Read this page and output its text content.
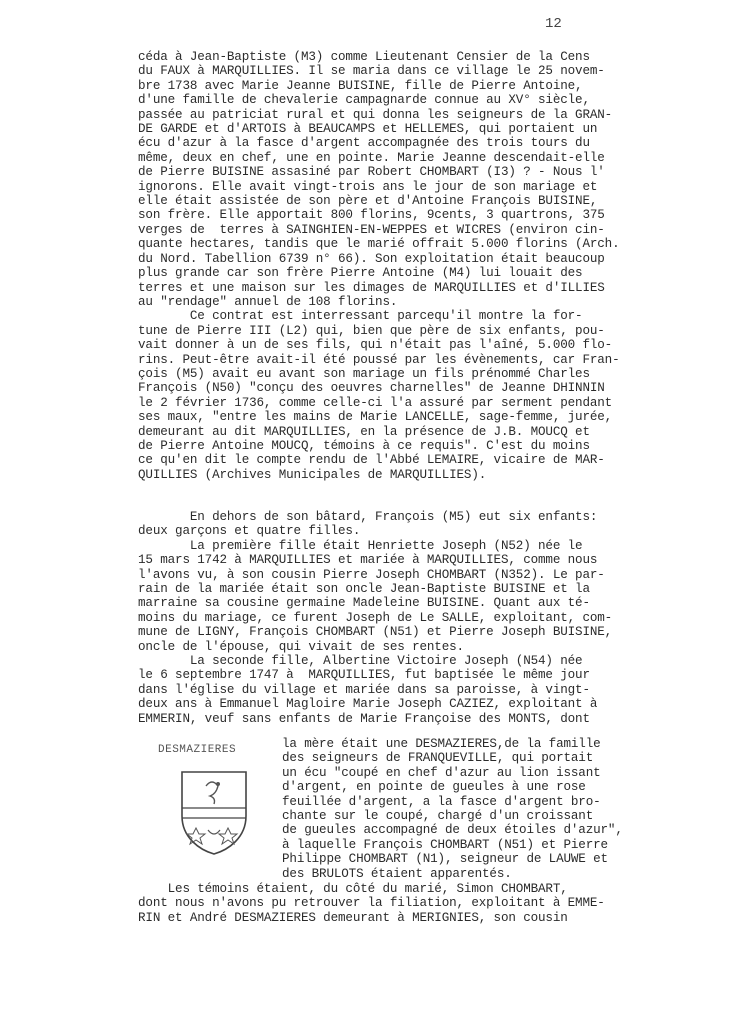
12
céda à Jean-Baptiste (M3) comme Lieutenant Censier de la Cens
du FAUX à MARQUILLIES. Il se maria dans ce village le 25 novem-
bre 1738 avec Marie Jeanne BUISINE, fille de Pierre Antoine,
d'une famille de chevalerie campagnarde connue au XV° siècle,
passée au patriciat rural et qui donna les seigneurs de la GRAN-
DE GARDE et d'ARTOIS à BEAUCAMPS et HELLEMES, qui portaient un
écu d'azur à la fasce d'argent accompagnée des trois tours du
même, deux en chef, une en pointe. Marie Jeanne descendait-elle
de Pierre BUISINE assasiné par Robert CHOMBART (I3) ? - Nous l'
ignorons. Elle avait vingt-trois ans le jour de son mariage et
elle était assistée de son père et d'Antoine François BUISINE,
son frère. Elle apportait 800 florins, 9cents, 3 quartrons, 375
verges de  terres à SAINGHIEN-EN-WEPPES et WICRES (environ cin-
quante hectares, tandis que le marié offrait 5.000 florins (Arch.
du Nord. Tabellion 6739 n° 66). Son exploitation était beaucoup
plus grande car son frère Pierre Antoine (M4) lui louait des
terres et une maison sur les dimages de MARQUILLIES et d'ILLIES
au "rendage" annuel de 108 florins.
Ce contrat est interressant parcequ'il montre la for-
tune de Pierre III (L2) qui, bien que père de six enfants, pou-
vait donner à un de ses fils, qui n'était pas l'aîné, 5.000 flo-
rins. Peut-être avait-il été poussé par les évènements, car Fran-
çois (M5) avait eu avant son mariage un fils prénommé Charles
François (N50) "conçu des oeuvres charnelles" de Jeanne DHINNIN
le 2 février 1736, comme celle-ci l'a assuré par serment pendant
ses maux, "entre les mains de Marie LANCELLE, sage-femme, jurée,
demeurant au dit MARQUILLIES, en la présence de J.B. MOUCQ et
de Pierre Antoine MOUCQ, témoins à ce requis". C'est du moins
ce qu'en dit le compte rendu de l'Abbé LEMAIRE, vicaire de MAR-
QUILLIES (Archives Municipales de MARQUILLIES).
En dehors de son bâtard, François (M5) eut six enfants:
deux garçons et quatre filles.
La première fille était Henriette Joseph (N52) née le
15 mars 1742 à MARQUILLIES et mariée à MARQUILLIES, comme nous
l'avons vu, à son cousin Pierre Joseph CHOMBART (N352). Le par-
rain de la mariée était son oncle Jean-Baptiste BUISINE et la
marraine sa cousine germaine Madeleine BUISINE. Quant aux té-
moins du mariage, ce furent Joseph de Le SALLE, exploitant, com-
mune de LIGNY, François CHOMBART (N51) et Pierre Joseph BUISINE,
oncle de l'épouse, qui vivait de ses rentes.
La seconde fille, Albertine Victoire Joseph (N54) née
le 6 septembre 1747 à  MARQUILLIES, fut baptisée le même jour
dans l'église du village et mariée dans sa paroisse, à vingt-
deux ans à Emmanuel Magloire Marie Joseph CAZIEZ, exploitant à
EMMERIN, veuf sans enfants de Marie Françoise des MONTS, dont
DESMAZIERES	la mère était une DESMAZIERES,de la famille
des seigneurs de FRANQUEVILLE, qui portait
un écu "coupé en chef d'azur au lion issant
d'argent, en pointe de gueules à une rose
feuillée d'argent, a la fasce d'argent bro-
chante sur le coupé, chargé d'un croissant
de gueules accompagné de deux étoiles d'azur",
à laquelle François CHOMBART (N51) et Pierre
Philippe CHOMBART (N1), seigneur de LAUWE et
des BRULOTS étaient apparentés.
Les témoins étaient, du côté du marié, Simon CHOMBART,
dont nous n'avons pu retrouver la filiation, exploitant à EMME-
RIN et André DESMAZIERES demeurant à MERIGNIES, son cousin
